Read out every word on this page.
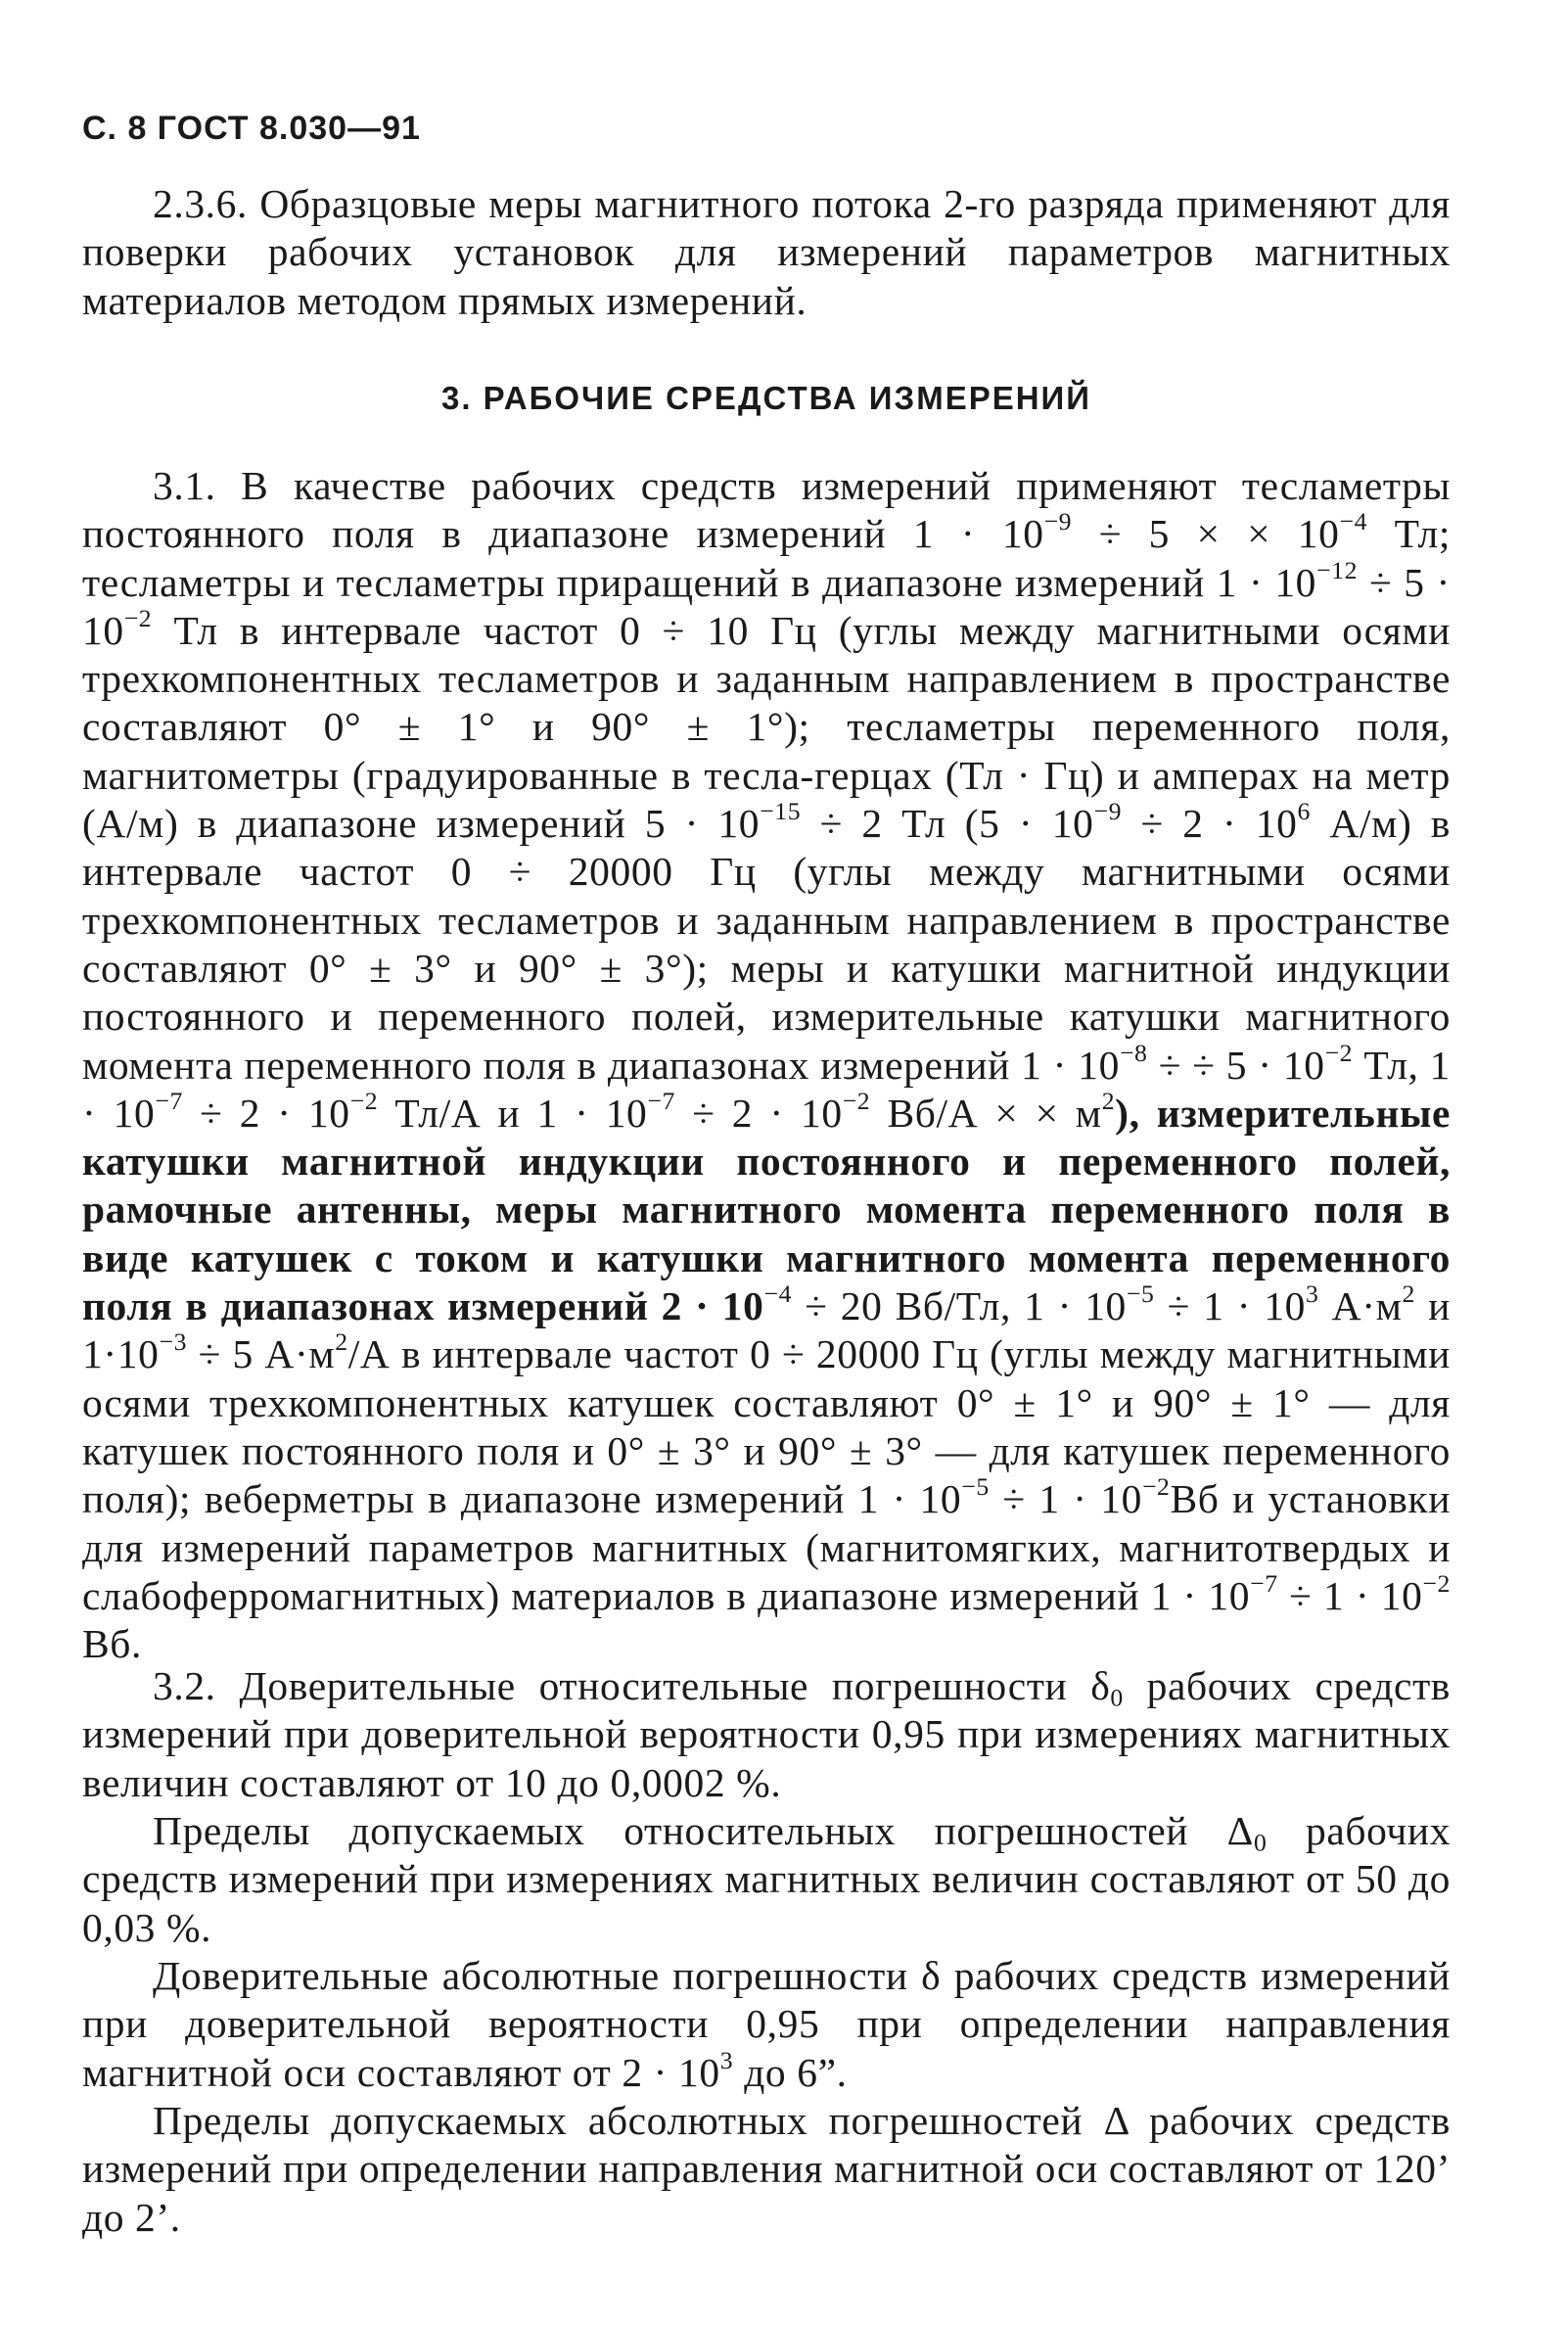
С. 8 ГОСТ 8.030—91

2.3.6. Образцовые меры магнитного потока 2-го разряда применяют для поверки рабочих установок для измерений параметров магнитных материалов методом прямых измерений.

3. РАБОЧИЕ СРЕДСТВА ИЗМЕРЕНИЙ

3.1. В качестве рабочих средств измерений применяют тесламетры постоянного поля в диапазоне измерений $1 \cdot 10^{-9} \div 5$ × × $10^{-4}$ Тл; тесламетры и тесламетры приращений в диапазоне измерений $1 \cdot 10^{-12} \div 5 \cdot 10^{-2}$ Тл в интервале частот 0 ÷ 10 Гц (углы между магнитными осями трехкомпонентных тесламетров и заданным направлением в пространстве составляют 0° ± 1° и 90° ± 1°); тесламетры переменного поля, магнитометры (градуированные в тесла-герцах (Тл · Гц) и амперах на метр (А/м) в диапазоне измерений $5 \cdot 10^{-15} \div 2$ Тл ($5 \cdot 10^{-9} \div 2 \cdot 10^6$ А/м) в интервале частот 0 ÷ 20000 Гц (углы между магнитными осями трехкомпонентных тесламетров и заданным направлением в пространстве составляют 0° ± 3° и 90° ± 3°); меры и катушки магнитной индукции постоянного и переменного полей, измерительные катушки магнитного момента переменного поля в диапазонах измерений $1 \cdot 10^{-8}$ ÷ ÷ $5 \cdot 10^{-2}$ Тл, $1 \cdot 10^{-7} \div 2 \cdot 10^{-2}$ Тл/А и $1 \cdot 10^{-7} \div 2 \cdot 10^{-2}$ Вб/А × × $м^2$), измерительные катушки магнитной индукции постоянного и переменного полей, рамочные антенны, меры магнитного момента переменного поля в виде катушек с током и катушки магнитного момента переменного поля в диапазонах измерений $2 \cdot 10^{-4} \div 20$ Вб/Тл, $1 \cdot 10^{-5} \div 1 \cdot 10^3$ $А\cdot м^2$ и $1\cdot 10^{-3} \div 5$ $А\cdot м^2/А$ в интервале частот 0 ÷ 20000 Гц (углы между магнитными осями трехкомпонентных катушек составляют 0° ± 1° и 90° ± 1° — для катушек постоянного поля и 0° ± 3° и 90° ± 3° — для катушек переменного поля); веберметры в диапазоне измерений $1 \cdot 10^{-5} \div 1 \cdot 10^{-2}Вб$ и установки для измерений параметров магнитных (магнитомягких, магнитотвердых и слабоферромагнитных) материалов в диапазоне измерений $1 \cdot 10^{-7} \div 1 \cdot 10^{-2}$ Вб.

3.2. Доверительные относительные погрешности $\delta_0$ рабочих средств измерений при доверительной вероятности 0,95 при измерениях магнитных величин составляют от 10 до 0,0002 %.

Пределы допускаемых относительных погрешностей $\Delta_0$ рабочих средств измерений при измерениях магнитных величин составляют от 50 до 0,03 %.

Доверительные абсолютные погрешности δ рабочих средств измерений при доверительной вероятности 0,95 при определении направления магнитной оси составляют от $2 \cdot 10^3$ до 6”.

Пределы допускаемых абсолютных погрешностей Δ рабочих средств измерений при определении направления магнитной оси составляют от 120’ до 2’.
